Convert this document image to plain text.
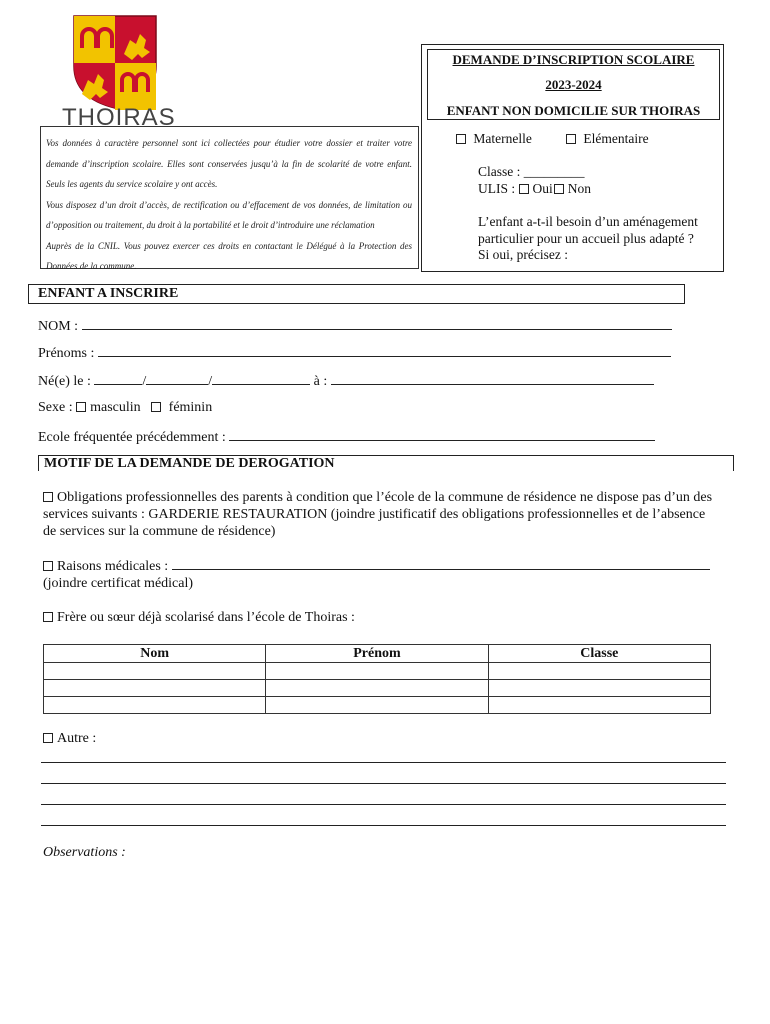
THOIRAS
DEMANDE D’INSCRIPTION SCOLAIRE
2023-2024
ENFANT NON DOMICILIE SUR THOIRAS
Maternelle	Elémentaire
Classe : _________
ULIS : Oui Non
L’enfant a-t-il besoin d’un aménagement
particulier pour un accueil plus adapté ?
Si oui, précisez :

Vos données à caractère personnel sont ici collectées pour étudier votre dossier et traiter votre demande d’inscription scolaire. Elles sont conservées jusqu’à la fin de scolarité de votre enfant. Seuls les agents du service scolaire y ont accès.

Vous disposez d’un droit d’accès, de rectification ou d’effacement de vos données, de limitation ou d’opposition ou traitement, du droit à la portabilité et le droit d’introduire une réclamation

Auprès de la CNIL. Vous pouvez exercer ces droits en contactant le Délégué à la Protection des Données de la commune.

ENFANT A INSCRIRE
NOM :
Prénoms :
Né(e) le :	/	/	à :
Sexe : masculin féminin
Ecole fréquentée précédemment :
MOTIF DE LA DEMANDE DE DEROGATION
Obligations professionnelles des parents à condition que l’école de la commune de résidence ne dispose pas d’un des services suivants : GARDERIE RESTAURATION (joindre justificatif des obligations professionnelles et de l’absence de services sur la commune de résidence)
Raisons médicales :
(joindre certificat médical)
Frère ou sœur déjà scolarisé dans l’école de Thoiras :
Nom	Prénom	Classe

Autre :
Observations :
